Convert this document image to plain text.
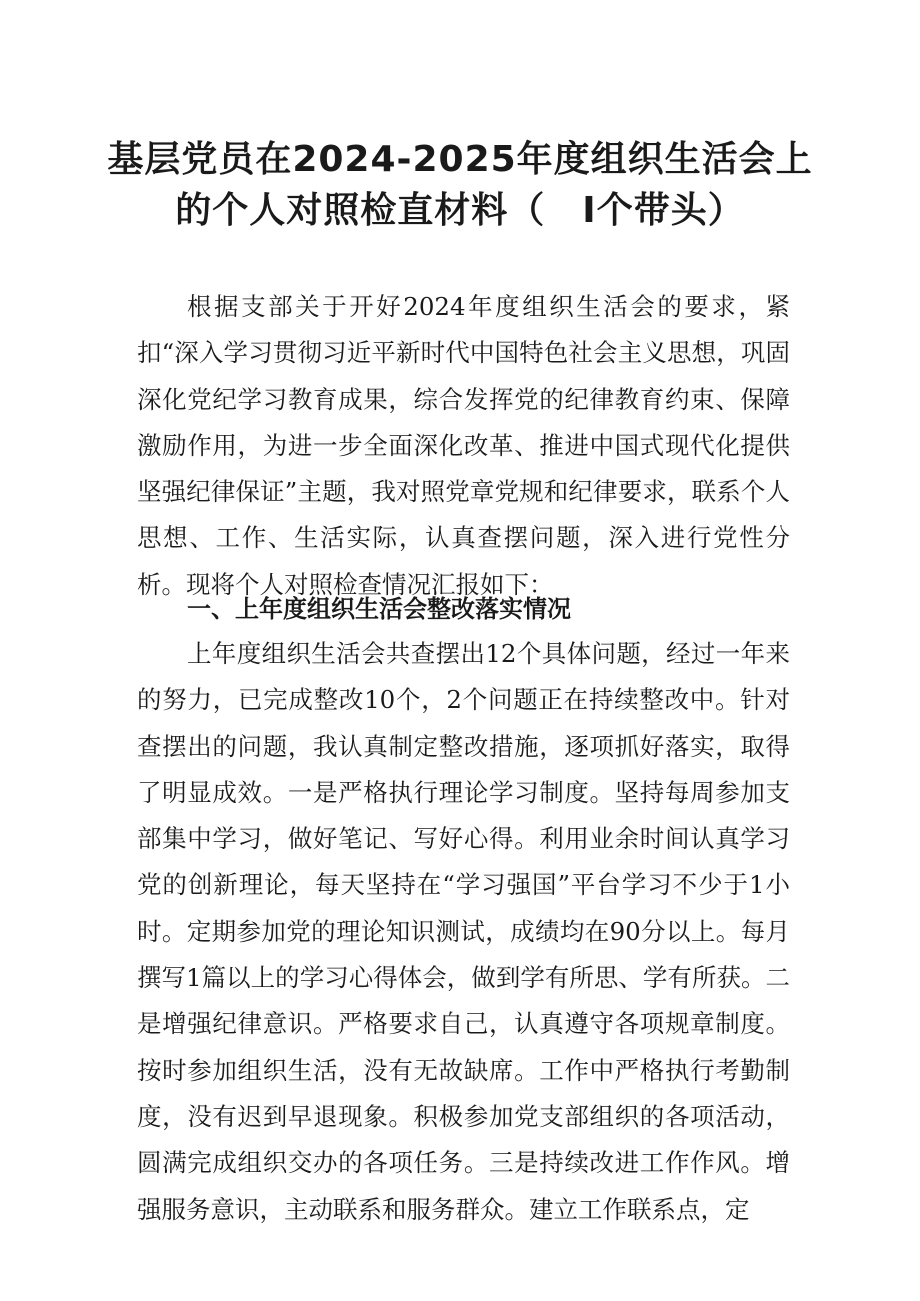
基层党员在2024-2025年度组织生活会上
的个人对照检直材料（　I个带头）

根据支部关于开好2024年度组织生活会的要求，紧扣“深入学习贯彻习近平新时代中国特色社会主义思想，巩固深化党纪学习教育成果，综合发挥党的纪律教育约束、保障激励作用，为进一步全面深化改革、推进中国式现代化提供坚强纪律保证”主题，我对照党章党规和纪律要求，联系个人思想、工作、生活实际，认真查摆问题，深入进行党性分析。现将个人对照检查情况汇报如下：

一、上年度组织生活会整改落实情况

上年度组织生活会共查摆出12个具体问题，经过一年来的努力，已完成整改10个，2个问题正在持续整改中。针对查摆出的问题，我认真制定整改措施，逐项抓好落实，取得了明显成效。一是严格执行理论学习制度。坚持每周参加支部集中学习，做好笔记、写好心得。利用业余时间认真学习党的创新理论，每天坚持在“学习强国”平台学习不少于1小时。定期参加党的理论知识测试，成绩均在90分以上。每月撰写1篇以上的学习心得体会，做到学有所思、学有所获。二是增强纪律意识。严格要求自己，认真遵守各项规章制度。按时参加组织生活，没有无故缺席。工作中严格执行考勤制度，没有迟到早退现象。积极参加党支部组织的各项活动，圆满完成组织交办的各项任务。三是持续改进工作作风。增强服务意识，主动联系和服务群众。建立工作联系点，定
